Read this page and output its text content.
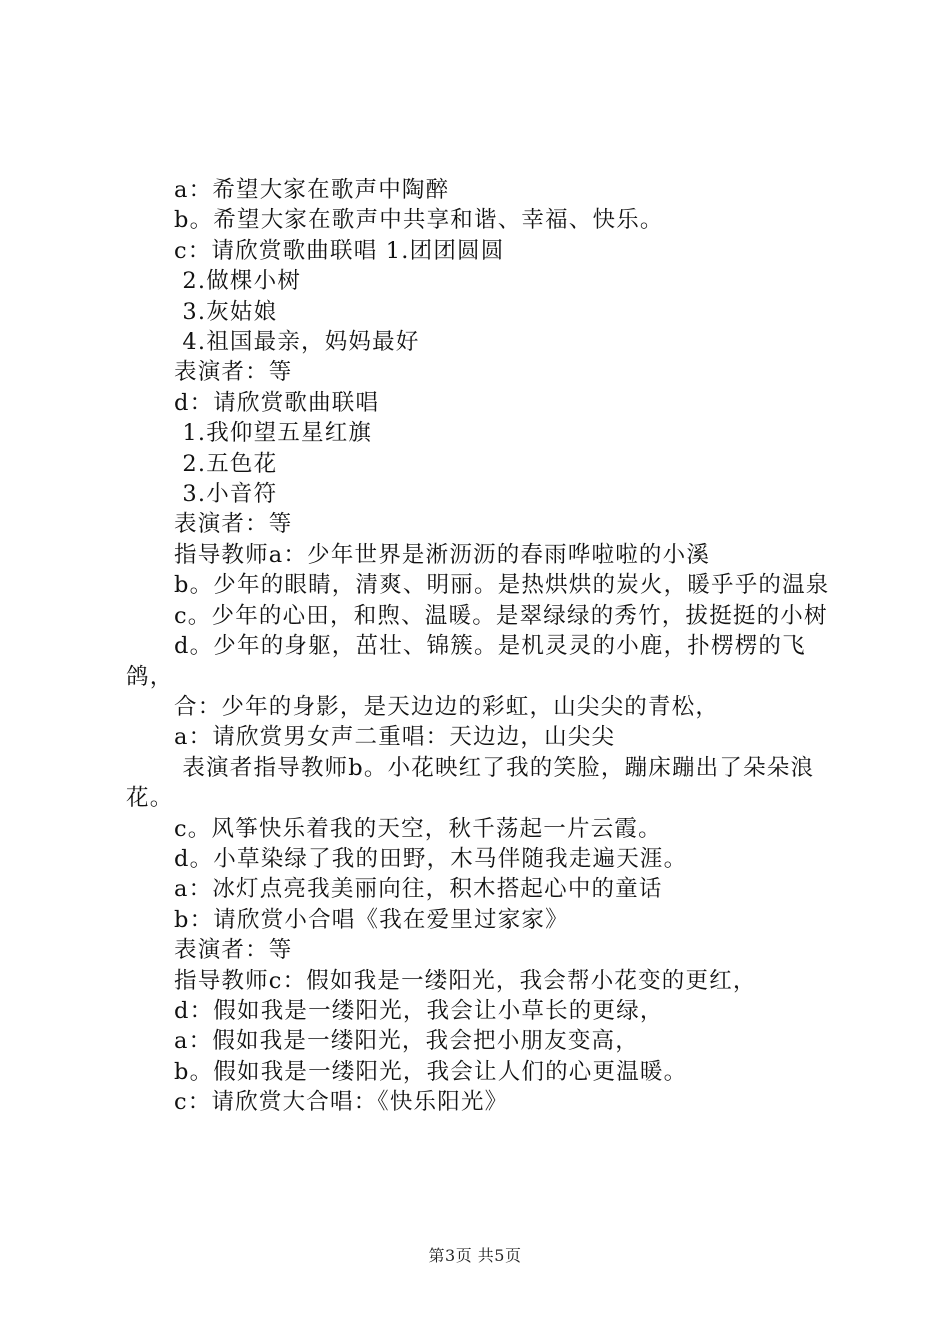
a：希望大家在歌声中陶醉
b。希望大家在歌声中共享和谐、幸福、快乐。
c：请欣赏歌曲联唱 1.团团圆圆
2.做棵小树
3.灰姑娘
4.祖国最亲，妈妈最好
表演者：等
d：请欣赏歌曲联唱
1.我仰望五星红旗
2.五色花
3.小音符
表演者：等
指导教师a：少年世界是淅沥沥的春雨哗啦啦的小溪
b。少年的眼睛，清爽、明丽。是热烘烘的炭火，暖乎乎的温泉
c。少年的心田，和煦、温暖。是翠绿绿的秀竹，拔挺挺的小树
d。少年的身躯，茁壮、锦簇。是机灵灵的小鹿，扑楞楞的飞鸽，
合：少年的身影，是天边边的彩虹，山尖尖的青松，
a：请欣赏男女声二重唱：天边边，山尖尖
表演者指导教师b。小花映红了我的笑脸，蹦床蹦出了朵朵浪花。
c。风筝快乐着我的天空，秋千荡起一片云霞。
d。小草染绿了我的田野，木马伴随我走遍天涯。
a：冰灯点亮我美丽向往，积木搭起心中的童话
b：请欣赏小合唱《我在爱里过家家》
表演者：等
指导教师c：假如我是一缕阳光，我会帮小花变的更红，
d：假如我是一缕阳光，我会让小草长的更绿，
a：假如我是一缕阳光，我会把小朋友变高，
b。假如我是一缕阳光，我会让人们的心更温暖。
c：请欣赏大合唱：《快乐阳光》
第3页 共5页
